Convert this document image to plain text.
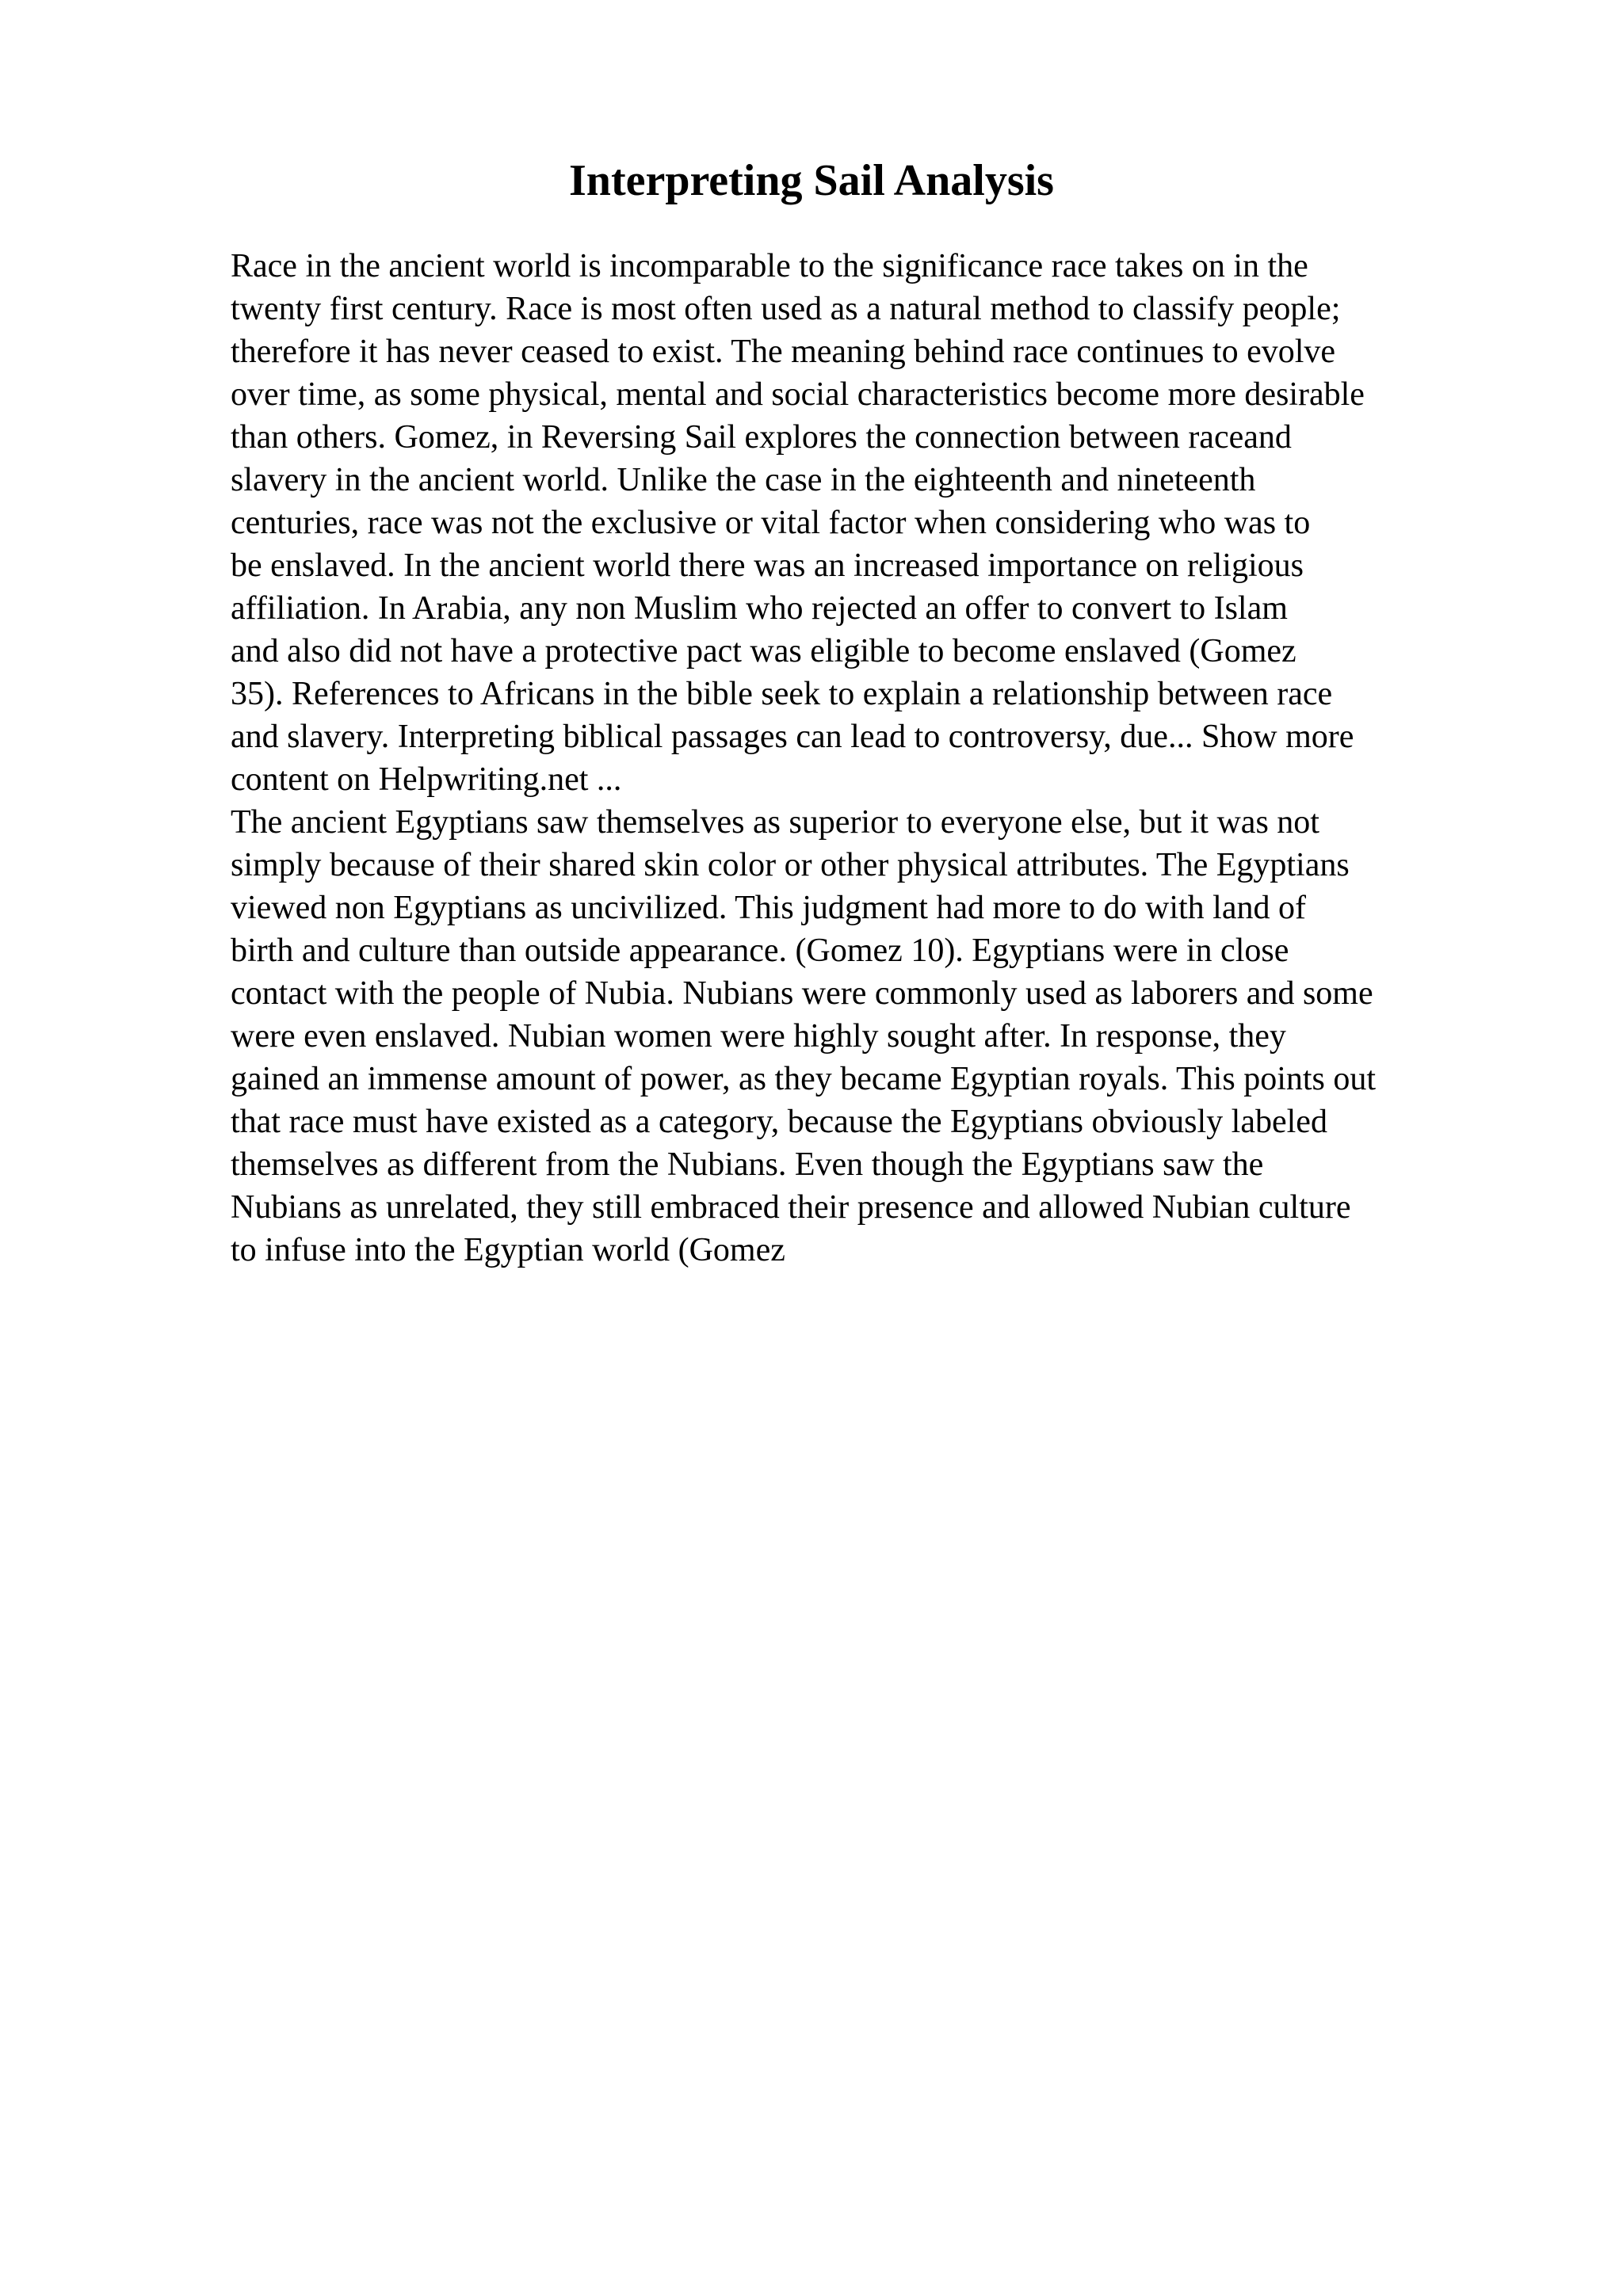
Interpreting Sail Analysis
Race in the ancient world is incomparable to the significance race takes on in the
twenty first century. Race is most often used as a natural method to classify people;
therefore it has never ceased to exist. The meaning behind race continues to evolve
over time, as some physical, mental and social characteristics become more desirable
than others. Gomez, in Reversing Sail explores the connection between raceand
slavery in the ancient world. Unlike the case in the eighteenth and nineteenth
centuries, race was not the exclusive or vital factor when considering who was to
be enslaved. In the ancient world there was an increased importance on religious
affiliation. In Arabia, any non Muslim who rejected an offer to convert to Islam
and also did not have a protective pact was eligible to become enslaved (Gomez
35). References to Africans in the bible seek to explain a relationship between race
and slavery. Interpreting biblical passages can lead to controversy, due... Show more
content on Helpwriting.net ...
The ancient Egyptians saw themselves as superior to everyone else, but it was not
simply because of their shared skin color or other physical attributes. The Egyptians
viewed non Egyptians as uncivilized. This judgment had more to do with land of
birth and culture than outside appearance. (Gomez 10). Egyptians were in close
contact with the people of Nubia. Nubians were commonly used as laborers and some
were even enslaved. Nubian women were highly sought after. In response, they
gained an immense amount of power, as they became Egyptian royals. This points out
that race must have existed as a category, because the Egyptians obviously labeled
themselves as different from the Nubians. Even though the Egyptians saw the
Nubians as unrelated, they still embraced their presence and allowed Nubian culture
to infuse into the Egyptian world (Gomez
